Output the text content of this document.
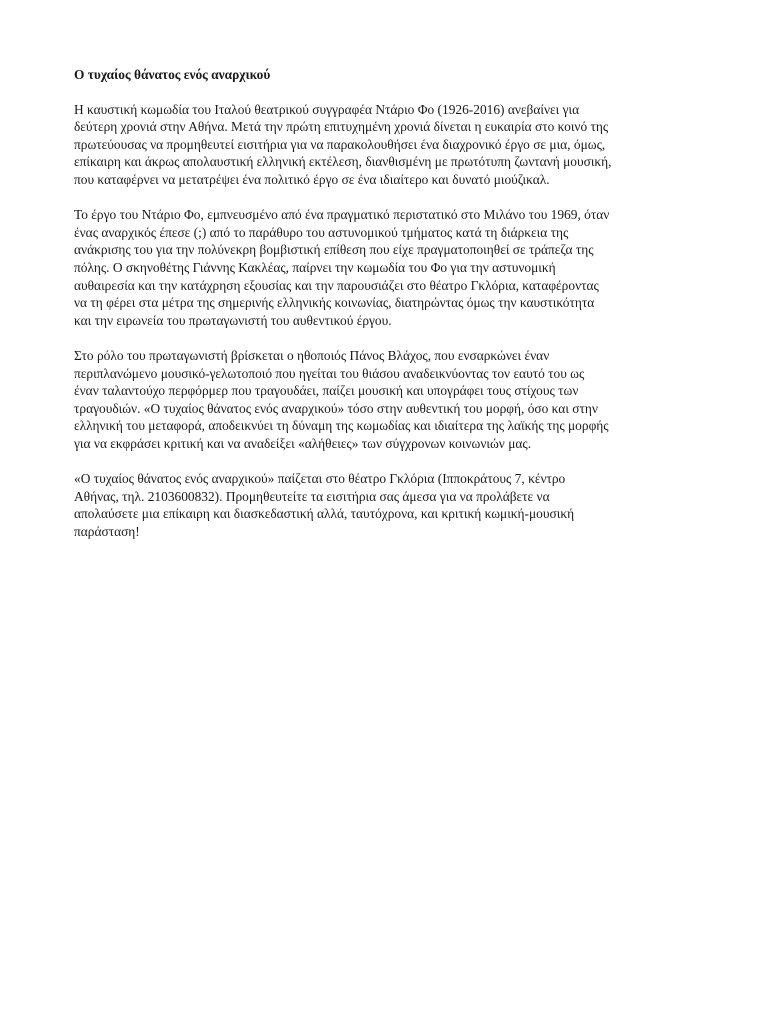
Ο τυχαίος θάνατος ενός αναρχικού
Η καυστική κωμωδία του Ιταλού θεατρικού συγγραφέα Ντάριο Φο (1926-2016) ανεβαίνει για
δεύτερη χρονιά στην Αθήνα. Μετά την πρώτη επιτυχημένη χρονιά δίνεται η ευκαιρία στο κοινό της
πρωτεύουσας να προμηθευτεί εισιτήρια για να παρακολουθήσει ένα διαχρονικό έργο σε μια, όμως,
επίκαιρη και άκρως απολαυστική ελληνική εκτέλεση, διανθισμένη με πρωτότυπη ζωντανή μουσική,
που καταφέρνει να μετατρέψει ένα πολιτικό έργο σε ένα ιδιαίτερο και δυνατό μιούζικαλ.
Το έργο του Ντάριο Φο, εμπνευσμένο από ένα πραγματικό περιστατικό στο Μιλάνο του 1969, όταν
ένας αναρχικός έπεσε (;) από το παράθυρο του αστυνομικού τμήματος κατά τη διάρκεια της
ανάκρισης του για την πολύνεκρη βομβιστική επίθεση που είχε πραγματοποιηθεί σε τράπεζα της
πόλης. Ο σκηνοθέτης Γιάννης Κακλέας, παίρνει την κωμωδία του Φο για την αστυνομική
αυθαιρεσία και την κατάχρηση εξουσίας και την παρουσιάζει στο θέατρο Γκλόρια, καταφέροντας
να τη φέρει στα μέτρα της σημερινής ελληνικής κοινωνίας, διατηρώντας όμως την καυστικότητα
και την ειρωνεία του πρωταγωνιστή του αυθεντικού έργου.
Στο ρόλο του πρωταγωνιστή βρίσκεται ο ηθοποιός Πάνος Βλάχος, που ενσαρκώνει έναν
περιπλανώμενο μουσικό-γελωτοποιό που ηγείται του θιάσου αναδεικνύοντας τον εαυτό του ως
έναν ταλαντούχο περφόρμερ που τραγουδάει, παίζει μουσική και υπογράφει τους στίχους των
τραγουδιών. «Ο τυχαίος θάνατος ενός αναρχικού» τόσο στην αυθεντική του μορφή, όσο και στην
ελληνική του μεταφορά, αποδεικνύει τη δύναμη της κωμωδίας και ιδιαίτερα της λαϊκής της μορφής
για να εκφράσει κριτική και να αναδείξει «αλήθειες» των σύγχρονων κοινωνιών μας.
«Ο τυχαίος θάνατος ενός αναρχικού» παίζεται στο θέατρο Γκλόρια (Ιπποκράτους 7, κέντρο
Αθήνας, τηλ. 2103600832). Προμηθευτείτε τα εισιτήρια σας άμεσα για να προλάβετε να
απολαύσετε μια επίκαιρη και διασκεδαστική αλλά, ταυτόχρονα, και κριτική κωμική-μουσική
παράσταση!
